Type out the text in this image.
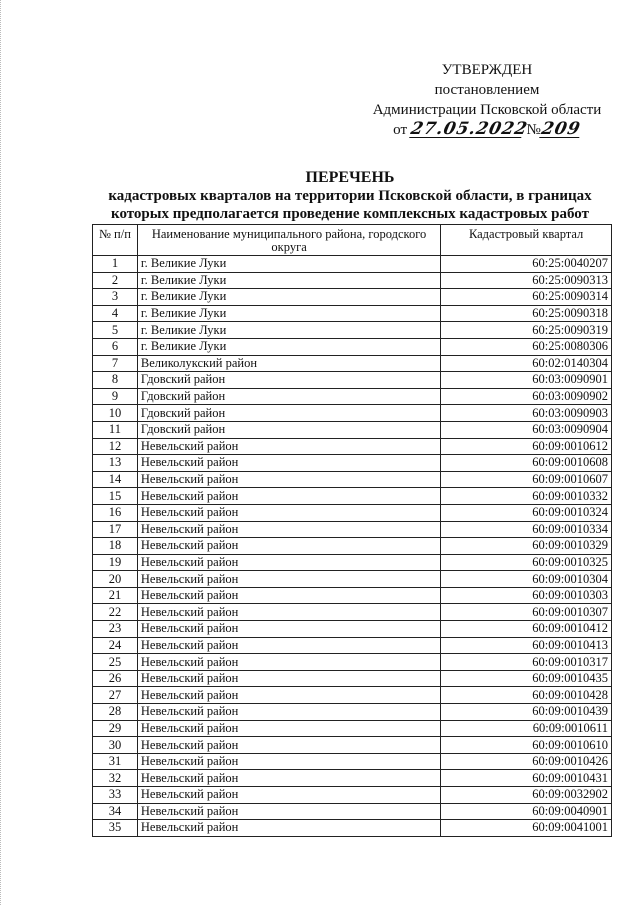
УТВЕРЖДЕН
постановлением
Администрации Псковской области
от 27.05.2022 №209
ПЕРЕЧЕНЬ
кадастровых кварталов на территории Псковской области, в границах
которых предполагается проведение комплексных кадастровых работ
№ п/п	Наименование муниципального района, городского округа	Кадастровый квартал
1	г. Великие Луки	60:25:0040207
2	г. Великие Луки	60:25:0090313
3	г. Великие Луки	60:25:0090314
4	г. Великие Луки	60:25:0090318
5	г. Великие Луки	60:25:0090319
6	г. Великие Луки	60:25:0080306
7	Великолукский район	60:02:0140304
8	Гдовский район	60:03:0090901
9	Гдовский район	60:03:0090902
10	Гдовский район	60:03:0090903
11	Гдовский район	60:03:0090904
12	Невельский район	60:09:0010612
13	Невельский район	60:09:0010608
14	Невельский район	60:09:0010607
15	Невельский район	60:09:0010332
16	Невельский район	60:09:0010324
17	Невельский район	60:09:0010334
18	Невельский район	60:09:0010329
19	Невельский район	60:09:0010325
20	Невельский район	60:09:0010304
21	Невельский район	60:09:0010303
22	Невельский район	60:09:0010307
23	Невельский район	60:09:0010412
24	Невельский район	60:09:0010413
25	Невельский район	60:09:0010317
26	Невельский район	60:09:0010435
27	Невельский район	60:09:0010428
28	Невельский район	60:09:0010439
29	Невельский район	60:09:0010611
30	Невельский район	60:09:0010610
31	Невельский район	60:09:0010426
32	Невельский район	60:09:0010431
33	Невельский район	60:09:0032902
34	Невельский район	60:09:0040901
35	Невельский район	60:09:0041001
